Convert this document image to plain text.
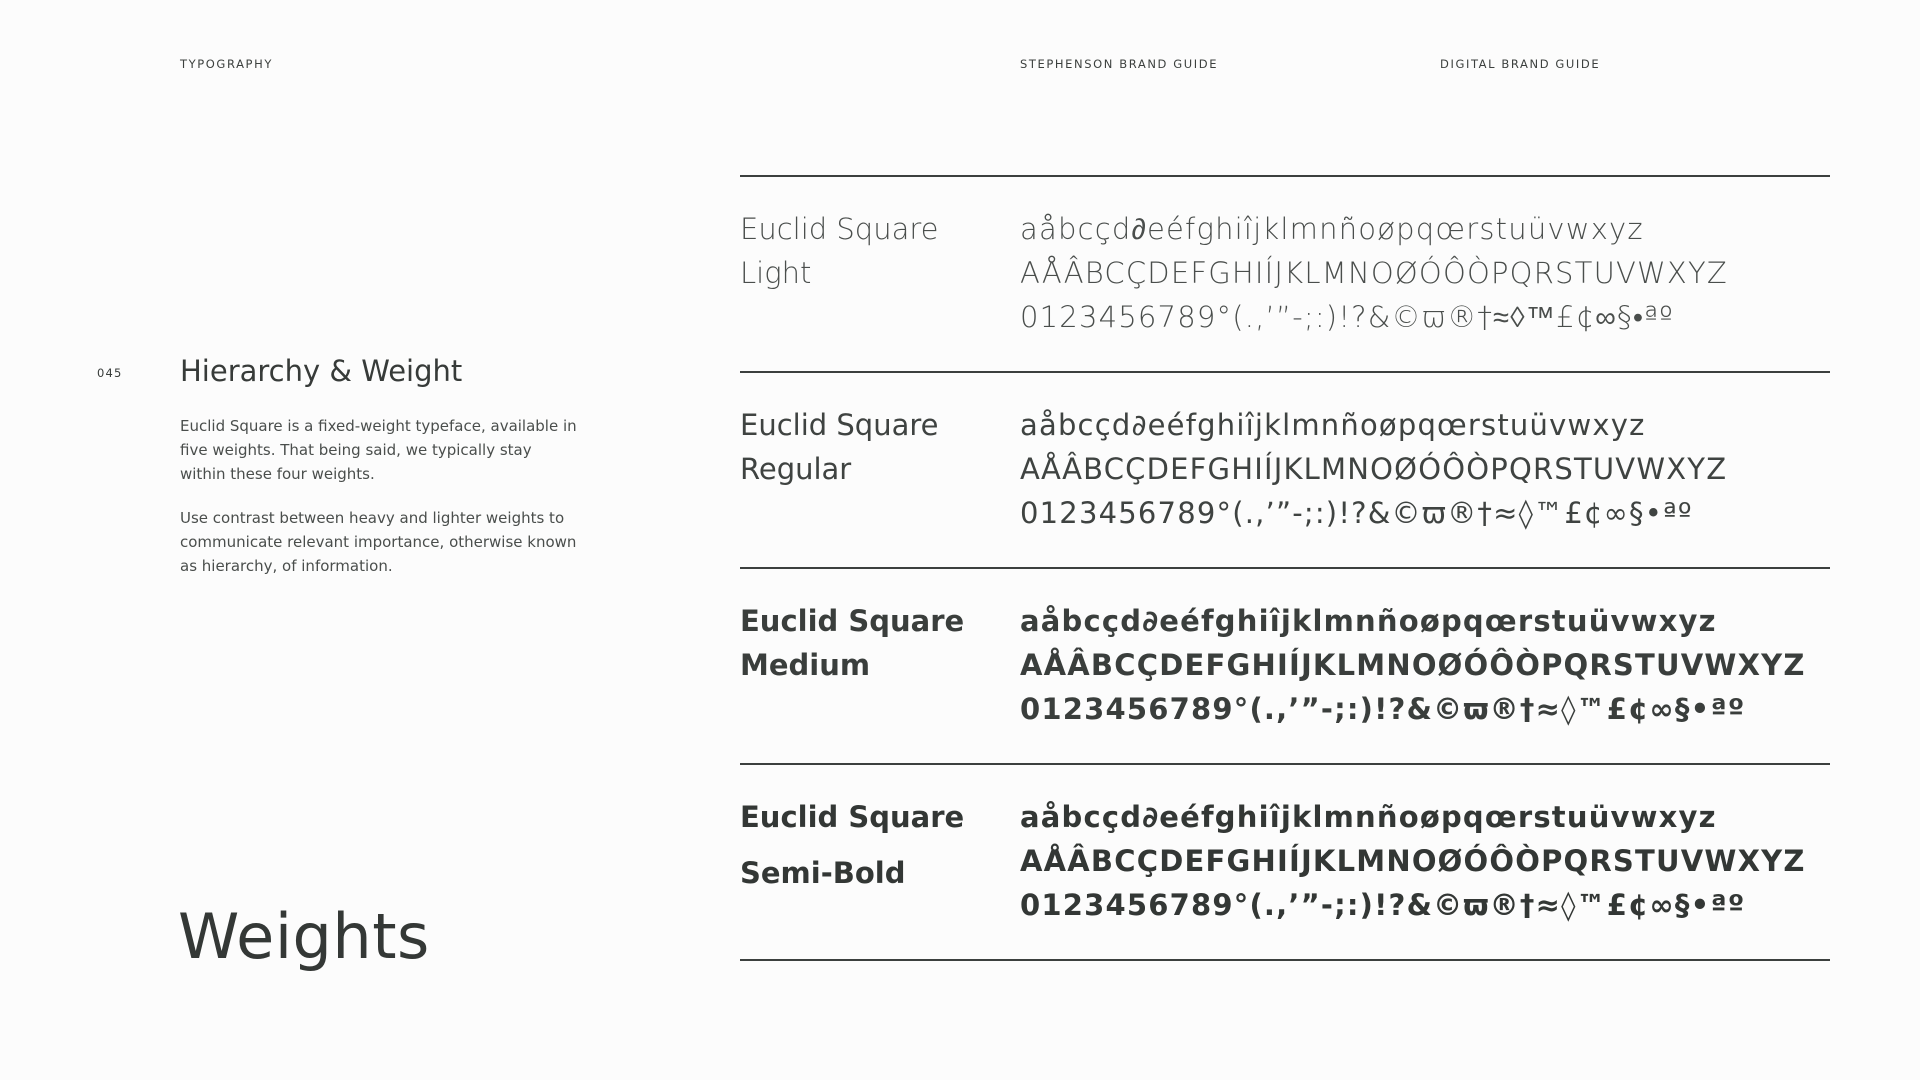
TYPOGRAPHY	STEPHENSON BRAND GUIDE	DIGITAL BRAND GUIDE
045 Hierarchy & Weight

Euclid Square is a fixed-weight typeface, available in five weights. That being said, we typically stay within these four weights.

Use contrast between heavy and lighter weights to communicate relevant importance, otherwise known as hierarchy, of information.

Weights
Euclid Square
Light
aåbcçd∂eéfghiîjklmnñoøpqœrstuüvwxyz
AÅÂBCÇDEFGHIÍJKLMNOØÓÔÒPQRSTUVWXYZ
0123456789°(.,’”-;:)!?&©ϖ®†≈◊™£¢∞§•ªº
Euclid Square
Regular
aåbcçd∂eéfghiîjklmnñoøpqœrstuüvwxyz
AÅÂBCÇDEFGHIÍJKLMNOØÓÔÒPQRSTUVWXYZ
0123456789°(.,’”-;:)!?&©ϖ®†≈◊™£¢∞§•ªº
Euclid Square
Medium
aåbcçd∂eéfghiîjklmnñoøpqœrstuüvwxyz
AÅÂBCÇDEFGHIÍJKLMNOØÓÔÒPQRSTUVWXYZ
0123456789°(.,’”-;:)!?&©ϖ®†≈◊™£¢∞§•ªº
Euclid Square
Semi-Bold
aåbcçd∂eéfghiîjklmnñoøpqœrstuüvwxyz
AÅÂBCÇDEFGHIÍJKLMNOØÓÔÒPQRSTUVWXYZ
0123456789°(.,’”-;:)!?&©ϖ®†≈◊™£¢∞§•ªº
